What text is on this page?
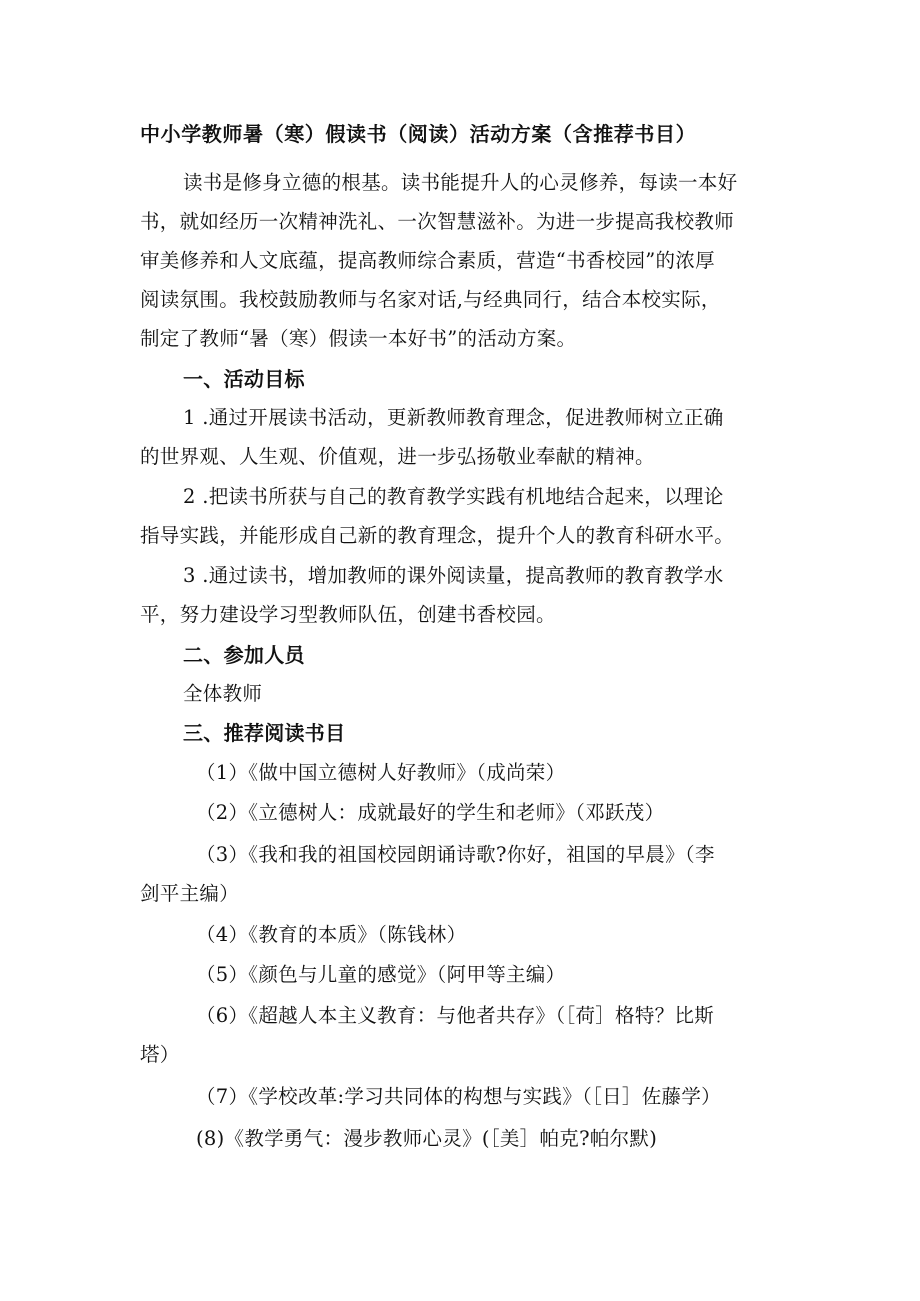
中小学教师暑（寒）假读书（阅读）活动方案（含推荐书目）
读书是修身立德的根基。读书能提升人的心灵修养，每读一本好
书，就如经历一次精神洗礼、一次智慧滋补。为进一步提高我校教师
审美修养和人文底蕴，提高教师综合素质，营造“书香校园”的浓厚
阅读氛围。我校鼓励教师与名家对话,与经典同行，结合本校实际，
制定了教师“暑（寒）假读一本好书”的活动方案。
一、活动目标
1 .通过开展读书活动，更新教师教育理念，促进教师树立正确
的世界观、人生观、价值观，进一步弘扬敬业奉献的精神。
2 .把读书所获与自己的教育教学实践有机地结合起来，以理论
指导实践，并能形成自己新的教育理念，提升个人的教育科研水平。
3 .通过读书，增加教师的课外阅读量，提高教师的教育教学水
平，努力建设学习型教师队伍，创建书香校园。
二、参加人员
全体教师
三、推荐阅读书目
（1）《做中国立德树人好教师》（成尚荣）
（2）《立德树人：成就最好的学生和老师》（邓跃茂）
（3）《我和我的祖国校园朗诵诗歌?你好，祖国的早晨》（李
剑平主编）
（4）《教育的本质》（陈钱林）
（5）《颜色与儿童的感觉》（阿甲等主编）
（6）《超越人本主义教育：与他者共存》（［荷］格特？比斯
塔）
（7）《学校改革:学习共同体的构想与实践》（［日］佐藤学）
(8)《教学勇气：漫步教师心灵》(［美］帕克?帕尔默)
